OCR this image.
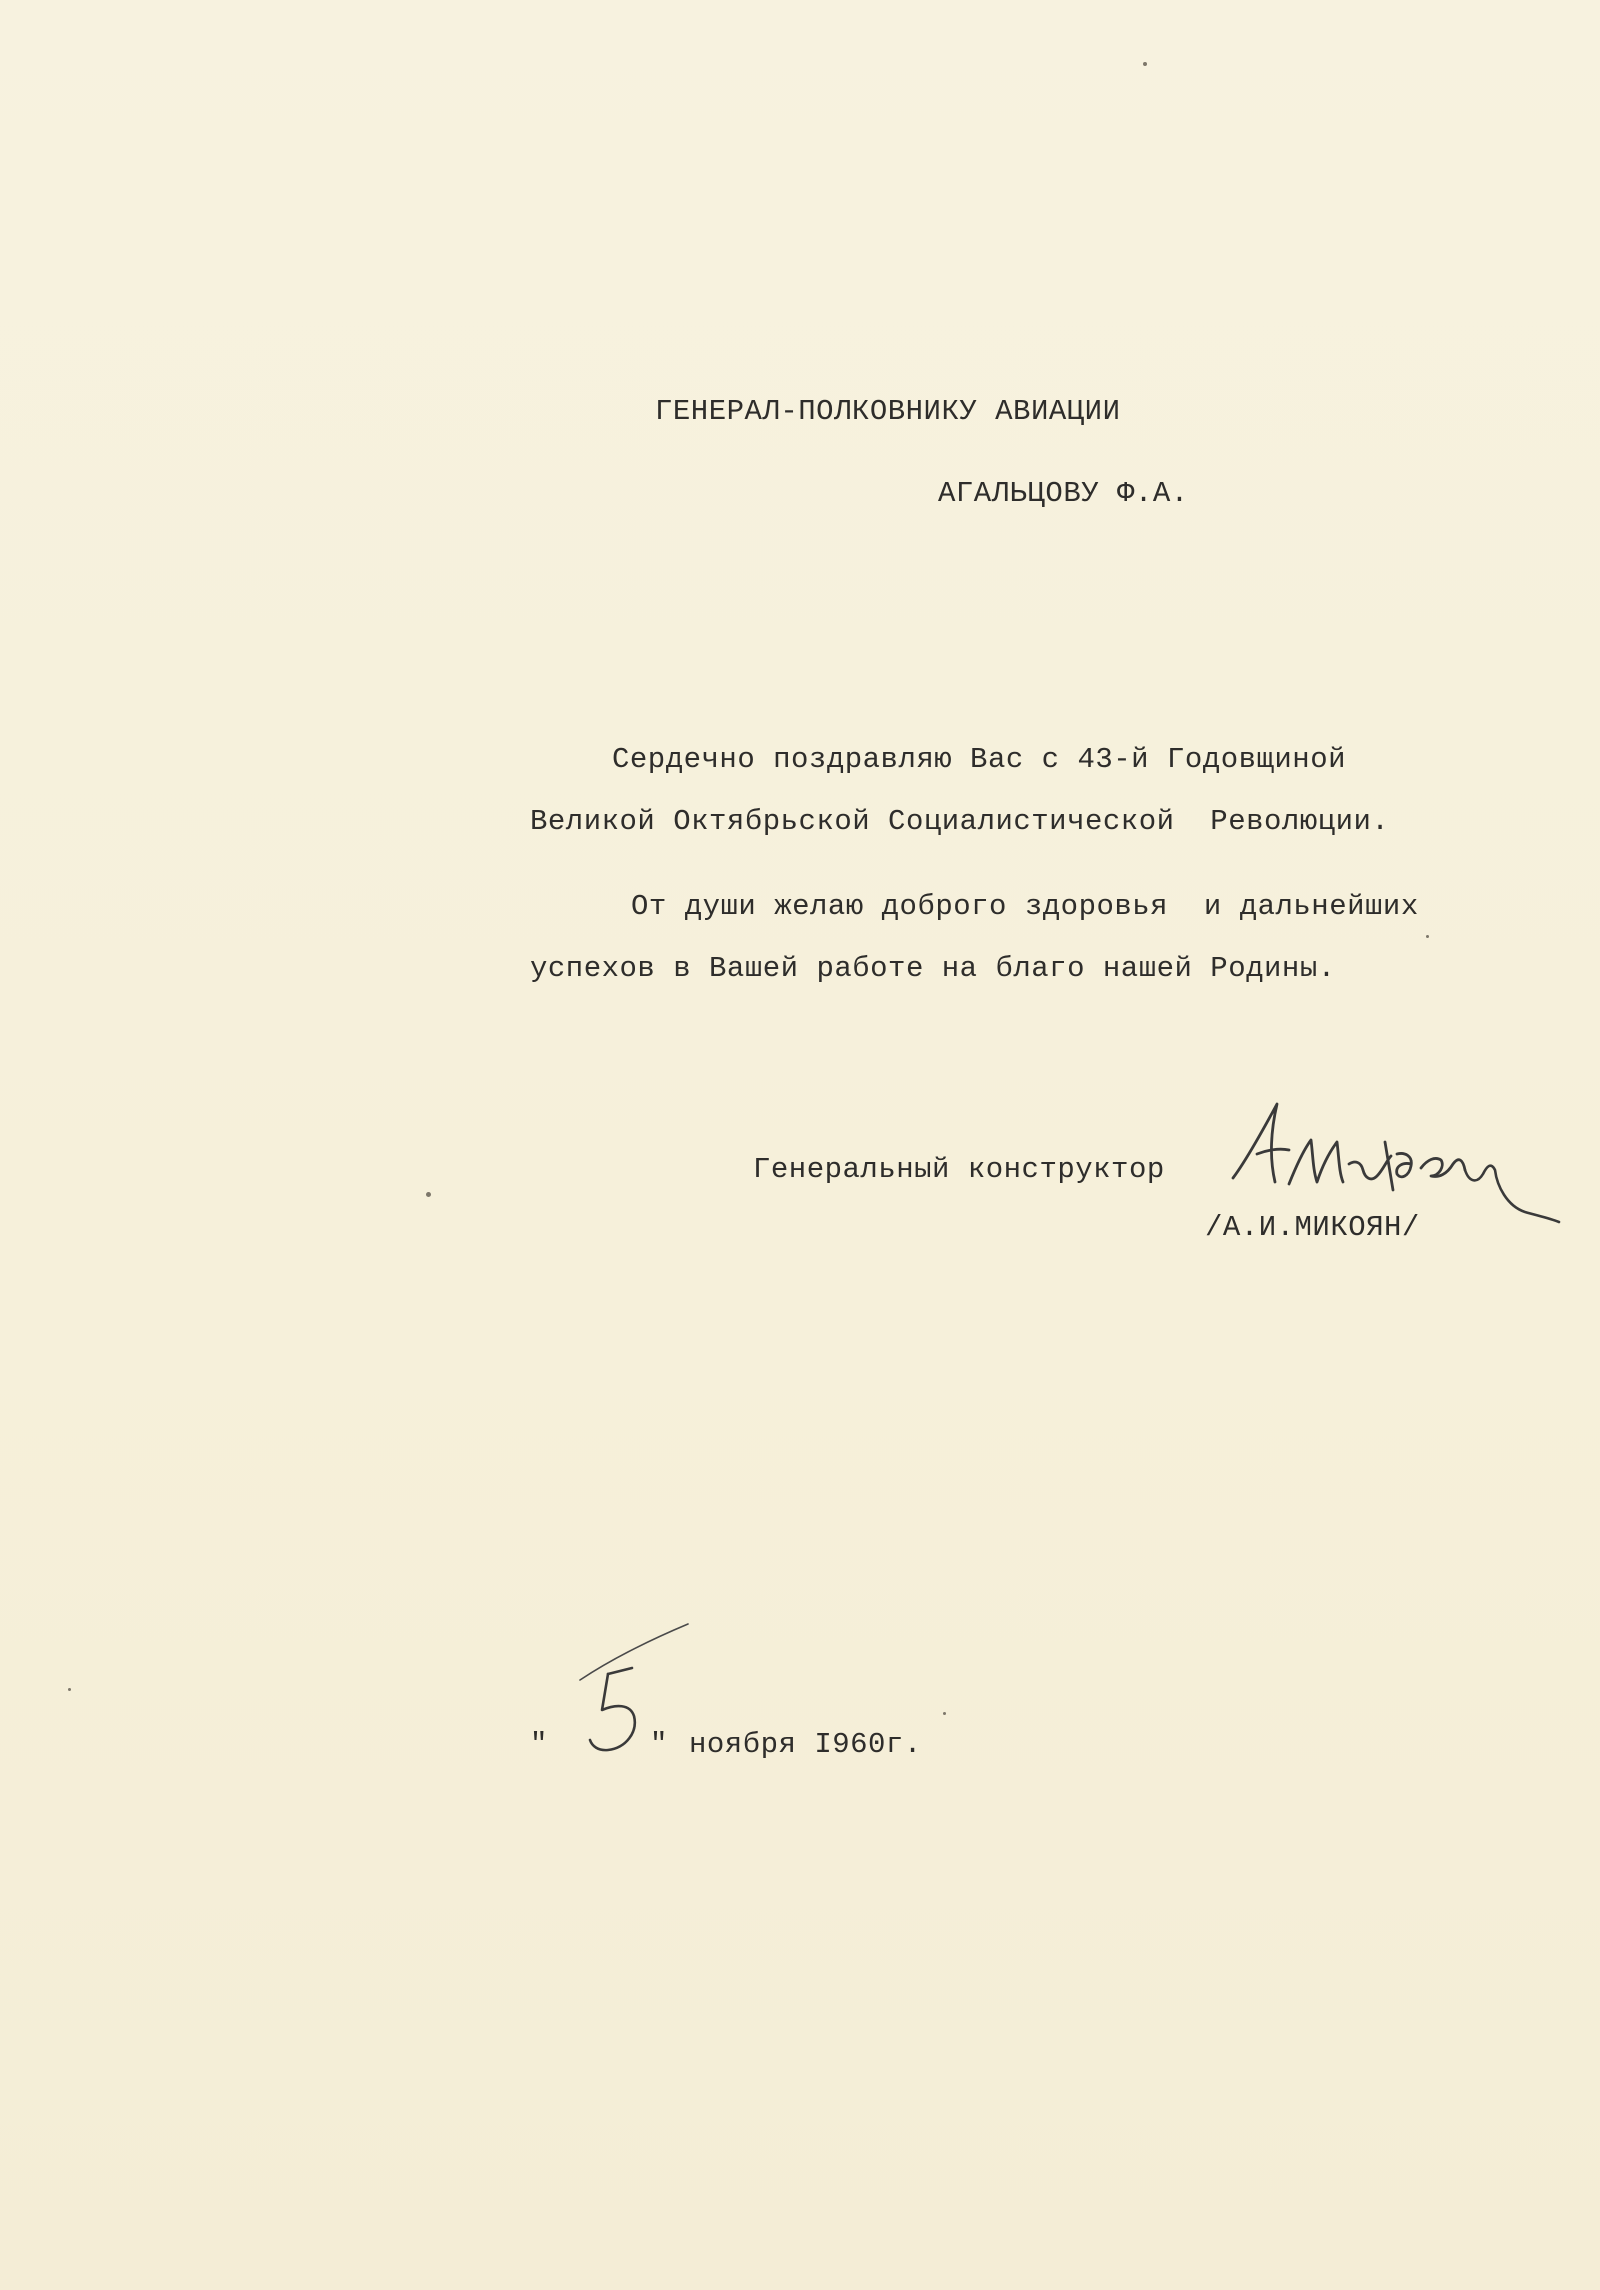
ГЕНЕРАЛ-ПОЛКОВНИКУ АВИАЦИИ
АГАЛЬЦОВУ Ф.А.
Сердечно поздравляю Вас с 43-й Годовщиной
Великой Октябрьской Социалистической  Революции.
От души желаю доброго здоровья  и дальнейших
успехов в Вашей работе на благо нашей Родины.
Генеральный конструктор
/А.И.МИКОЯН/
"	" ноября I960г.
